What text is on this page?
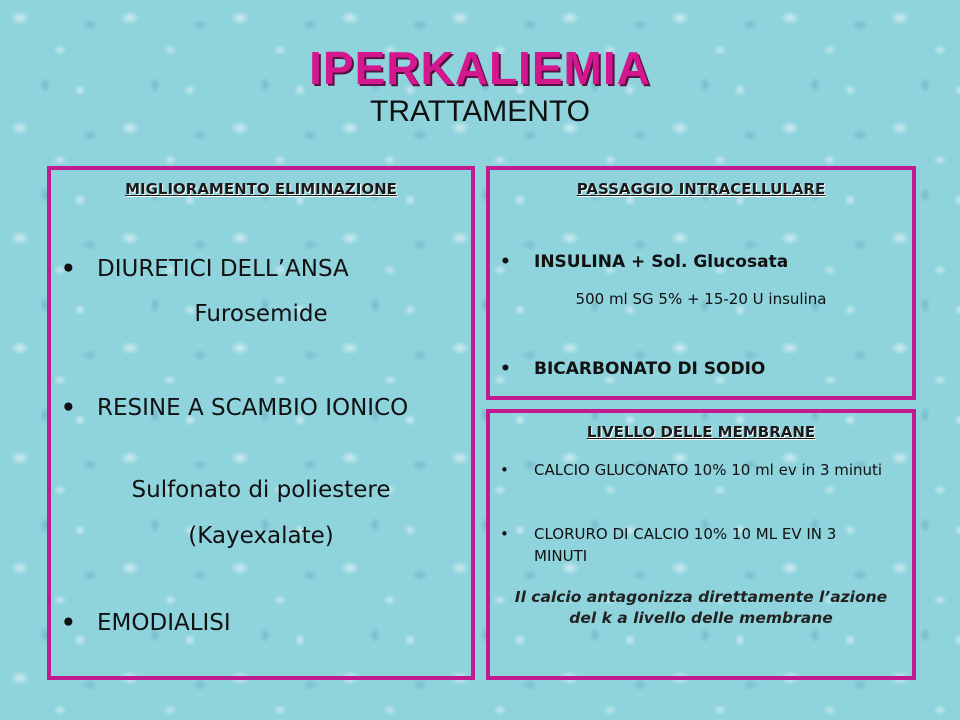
IPERKALIEMIA
TRATTAMENTO
MIGLIORAMENTO ELIMINAZIONE
• DIURETICI DELL’ANSA
Furosemide
• RESINE A SCAMBIO IONICO
Sulfonato di poliestere
(Kayexalate)
• EMODIALISI
PASSAGGIO INTRACELLULARE
• INSULINA + Sol. Glucosata
500 ml SG 5% + 15-20 U insulina
• BICARBONATO DI SODIO
LIVELLO DELLE MEMBRANE
• CALCIO GLUCONATO 10% 10 ml ev in 3 minuti
• CLORURO DI CALCIO 10% 10 ML EV IN 3 MINUTI
Il calcio antagonizza direttamente l’azione del k a livello delle membrane
